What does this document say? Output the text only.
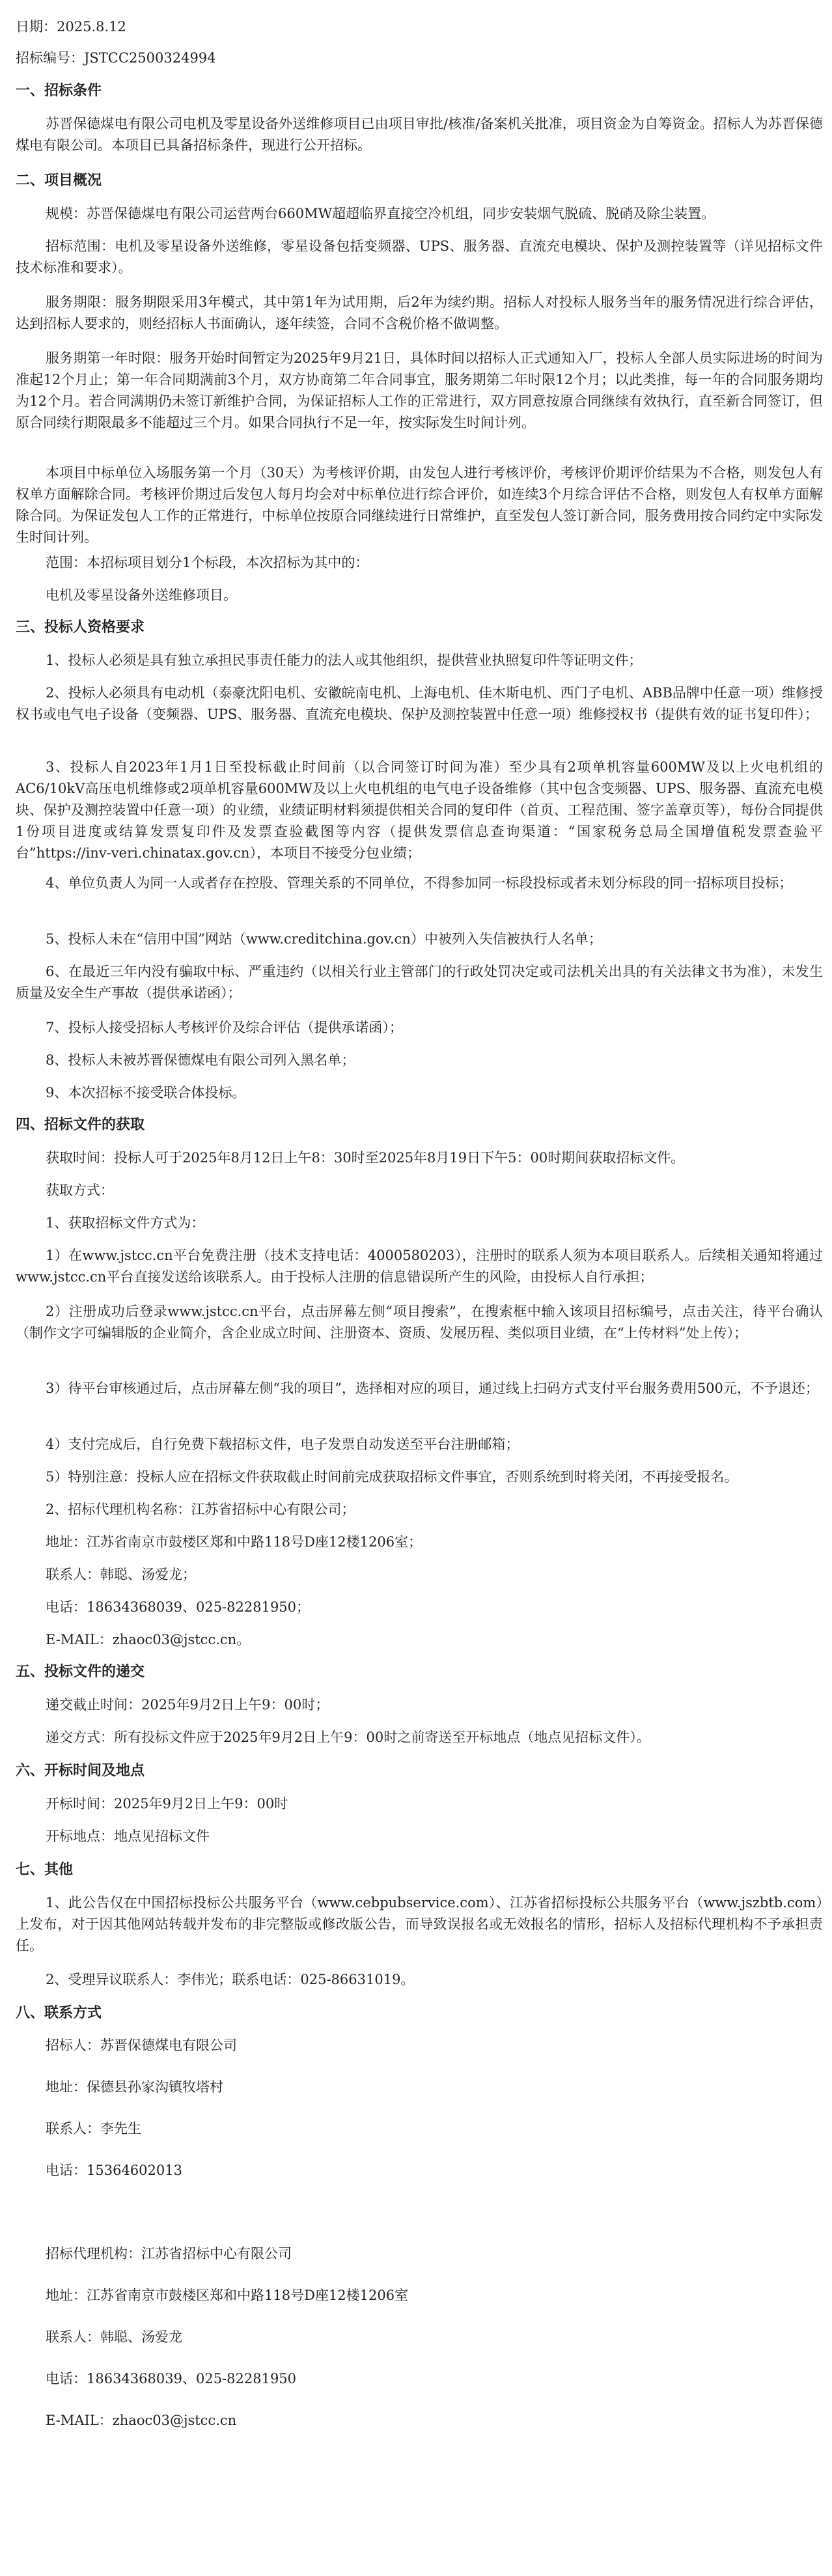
日期：2025.8.12
招标编号：JSTCC2500324994
一、招标条件
苏晋保德煤电有限公司电机及零星设备外送维修项目已由项目审批/核准/备案机关批准，项目资金为自筹资金。招标人为苏晋保德煤电有限公司。本项目已具备招标条件，现进行公开招标。
二、项目概况
规模：苏晋保德煤电有限公司运营两台660MW超超临界直接空冷机组，同步安装烟气脱硫、脱硝及除尘装置。
招标范围：电机及零星设备外送维修，零星设备包括变频器、UPS、服务器、直流充电模块、保护及测控装置等（详见招标文件技术标准和要求）。
服务期限：服务期限采用3年模式，其中第1年为试用期，后2年为续约期。招标人对投标人服务当年的服务情况进行综合评估，达到招标人要求的，则经招标人书面确认，逐年续签，合同不含税价格不做调整。
服务期第一年时限：服务开始时间暂定为2025年9月21日，具体时间以招标人正式通知入厂，投标人全部人员实际进场的时间为准起12个月止；第一年合同期满前3个月，双方协商第二年合同事宜，服务期第二年时限12个月；以此类推，每一年的合同服务期均为12个月。若合同满期仍未签订新维护合同，为保证招标人工作的正常进行，双方同意按原合同继续有效执行，直至新合同签订，但原合同续行期限最多不能超过三个月。如果合同执行不足一年，按实际发生时间计列。
本项目中标单位入场服务第一个月（30天）为考核评价期，由发包人进行考核评价，考核评价期评价结果为不合格，则发包人有权单方面解除合同。考核评价期过后发包人每月均会对中标单位进行综合评价，如连续3个月综合评估不合格，则发包人有权单方面解除合同。为保证发包人工作的正常进行，中标单位按原合同继续进行日常维护，直至发包人签订新合同，服务费用按合同约定中实际发生时间计列。
范围：本招标项目划分1个标段，本次招标为其中的：
电机及零星设备外送维修项目。
三、投标人资格要求
1、投标人必须是具有独立承担民事责任能力的法人或其他组织，提供营业执照复印件等证明文件；
2、投标人必须具有电动机（泰豪沈阳电机、安徽皖南电机、上海电机、佳木斯电机、西门子电机、ABB品牌中任意一项）维修授权书或电气电子设备（变频器、UPS、服务器、直流充电模块、保护及测控装置中任意一项）维修授权书（提供有效的证书复印件）；
3、投标人自2023年1月1日至投标截止时间前（以合同签订时间为准）至少具有2项单机容量600MW及以上火电机组的AC6/10kV高压电机维修或2项单机容量600MW及以上火电机组的电气电子设备维修（其中包含变频器、UPS、服务器、直流充电模块、保护及测控装置中任意一项）的业绩，业绩证明材料须提供相关合同的复印件（首页、工程范围、签字盖章页等），每份合同提供1份项目进度或结算发票复印件及发票查验截图等内容（提供发票信息查询渠道：“国家税务总局全国增值税发票查验平台”https://inv-veri.chinatax.gov.cn），本项目不接受分包业绩；
4、单位负责人为同一人或者存在控股、管理关系的不同单位，不得参加同一标段投标或者未划分标段的同一招标项目投标；
5、投标人未在“信用中国”网站（www.creditchina.gov.cn）中被列入失信被执行人名单；
6、在最近三年内没有骗取中标、严重违约（以相关行业主管部门的行政处罚决定或司法机关出具的有关法律文书为准），未发生质量及安全生产事故（提供承诺函）；
7、投标人接受招标人考核评价及综合评估（提供承诺函）；
8、投标人未被苏晋保德煤电有限公司列入黑名单；
9、本次招标不接受联合体投标。
四、招标文件的获取
获取时间：投标人可于2025年8月12日上午8：30时至2025年8月19日下午5：00时期间获取招标文件。
获取方式：
1、获取招标文件方式为：
1）在www.jstcc.cn平台免费注册（技术支持电话：4000580203），注册时的联系人须为本项目联系人。后续相关通知将通过www.jstcc.cn平台直接发送给该联系人。由于投标人注册的信息错误所产生的风险，由投标人自行承担；
2）注册成功后登录www.jstcc.cn平台，点击屏幕左侧“项目搜索”，在搜索框中输入该项目招标编号，点击关注，待平台确认（制作文字可编辑版的企业简介，含企业成立时间、注册资本、资质、发展历程、类似项目业绩，在“上传材料”处上传）；
3）待平台审核通过后，点击屏幕左侧“我的项目”，选择相对应的项目，通过线上扫码方式支付平台服务费用500元，不予退还；
4）支付完成后，自行免费下载招标文件，电子发票自动发送至平台注册邮箱；
5）特别注意：投标人应在招标文件获取截止时间前完成获取招标文件事宜，否则系统到时将关闭，不再接受报名。
2、招标代理机构名称：江苏省招标中心有限公司；
地址：江苏省南京市鼓楼区郑和中路118号D座12楼1206室；
联系人：韩聪、汤爱龙；
电话：18634368039、025-82281950；
E-MAIL：zhaoc03@jstcc.cn。
五、投标文件的递交
递交截止时间：2025年9月2日上午9：00时；
递交方式：所有投标文件应于2025年9月2日上午9：00时之前寄送至开标地点（地点见招标文件）。
六、开标时间及地点
开标时间：2025年9月2日上午9：00时
开标地点：地点见招标文件
七、其他
1、此公告仅在中国招标投标公共服务平台（www.cebpubservice.com）、江苏省招标投标公共服务平台（www.jszbtb.com）上发布，对于因其他网站转载并发布的非完整版或修改版公告，而导致误报名或无效报名的情形，招标人及招标代理机构不予承担责任。
2、受理异议联系人：李伟光；联系电话：025-86631019。
八、联系方式
招标人：苏晋保德煤电有限公司
地址：保德县孙家沟镇牧塔村
联系人：李先生
电话：15364602013
招标代理机构：江苏省招标中心有限公司
地址：江苏省南京市鼓楼区郑和中路118号D座12楼1206室
联系人：韩聪、汤爱龙
电话：18634368039、025-82281950
E-MAIL：zhaoc03@jstcc.cn
